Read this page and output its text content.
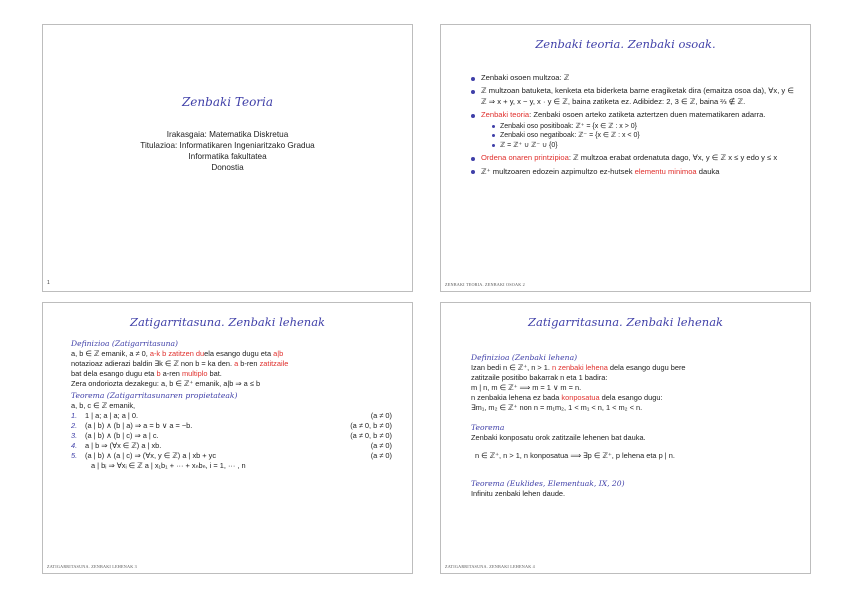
Zenbaki Teoria
Irakasgaia: Matematika Diskretua
Titulazioa: Informatikaren Ingeniaritzako Gradua
Informatika fakultatea
Donostia
1
Zenbaki teoria. Zenbaki osoak.
Zenbaki osoen multzoa: ℤ
ℤ multzoan batuketa, kenketa eta biderketa barne eragiketak dira (emaitza osoa da), ∀x, y ∈ ℤ ⇒ x + y, x − y, x · y ∈ ℤ, baina zatiketa ez. Adibidez: 2, 3 ∈ ℤ, baina ⅔ ∉ ℤ.
Zenbaki teoria: Zenbaki osoen arteko zatiketa aztertzen duen matematikaren adarra.
Zenbaki oso positiboak: ℤ⁺ = {x ∈ ℤ : x > 0}
Zenbaki oso negatiboak: ℤ⁻ = {x ∈ ℤ : x < 0}
ℤ = ℤ⁺ ∪ ℤ⁻ ∪ {0}
Ordena onaren printzipioa: ℤ multzoa erabat ordenatuta dago, ∀x, y ∈ ℤ x ≤ y edo y ≤ x
ℤ⁺ multzoaren edozein azpimultzo ez-hutsek elementu minimoa dauka
ZENBAKI TEORIA. ZENBAKI OSOAK 2
Zatigarritasuna. Zenbaki lehenak
Definizioa (Zatigarritasuna)
a, b ∈ ℤ emanik, a ≠ 0, a-k b zatitzen duela esango dugu eta a|b
notazioaz adierazi baldin ∃k ∈ ℤ non b = ka den. a b-ren zatitzaile
bat dela esango dugu eta b a-ren multiplo bat.
Zera ondoriozta dezakegu: a, b ∈ ℤ⁺ emanik, a|b ⇒ a ≤ b
Teorema (Zatigarritasunaren propietateak)
a, b, c ∈ ℤ emanik,
1. 1 | a; a | a; a | 0.	(a ≠ 0)
2. (a | b) ∧ (b | a) ⇒ a = b ∨ a = −b.	(a ≠ 0, b ≠ 0)
3. (a | b) ∧ (b | c) ⇒ a | c.	(a ≠ 0, b ≠ 0)
4. a | b ⇒ (∀x ∈ ℤ) a | xb.	(a ≠ 0)
5. (a | b) ∧ (a | c) ⇒ (∀x, y ∈ ℤ) a | xb + yc	(a ≠ 0)
a | bᵢ ⇒ ∀xᵢ ∈ ℤ a | x₁b₁ + ··· + xₙbₙ, i = 1, ··· , n
ZATIGARRITASUNA. ZENBAKI LEHENAK 3
Zatigarritasuna. Zenbaki lehenak
Definizioa (Zenbaki lehena)
Izan bedi n ∈ ℤ⁺, n > 1. n zenbaki lehena dela esango dugu bere
zatitzaile positibo bakarrak n eta 1 badira:
m | n, m ∈ ℤ⁺ ⟹ m = 1 ∨ m = n.
n zenbakia lehena ez bada konposatua dela esango dugu:
∃m₁, m₂ ∈ ℤ⁺ non n = m₁m₂, 1 < m₁ < n, 1 < m₂ < n.
Teorema
Zenbaki konposatu orok zatitzaile lehenen bat dauka.
n ∈ ℤ⁺, n > 1, n konposatua ⟹ ∃p ∈ ℤ⁺, p lehena eta p | n.
Teorema (Euklides, Elementuak, IX, 20)
Infinitu zenbaki lehen daude.
ZATIGARRITASUNA. ZENBAKI LEHENAK 4
